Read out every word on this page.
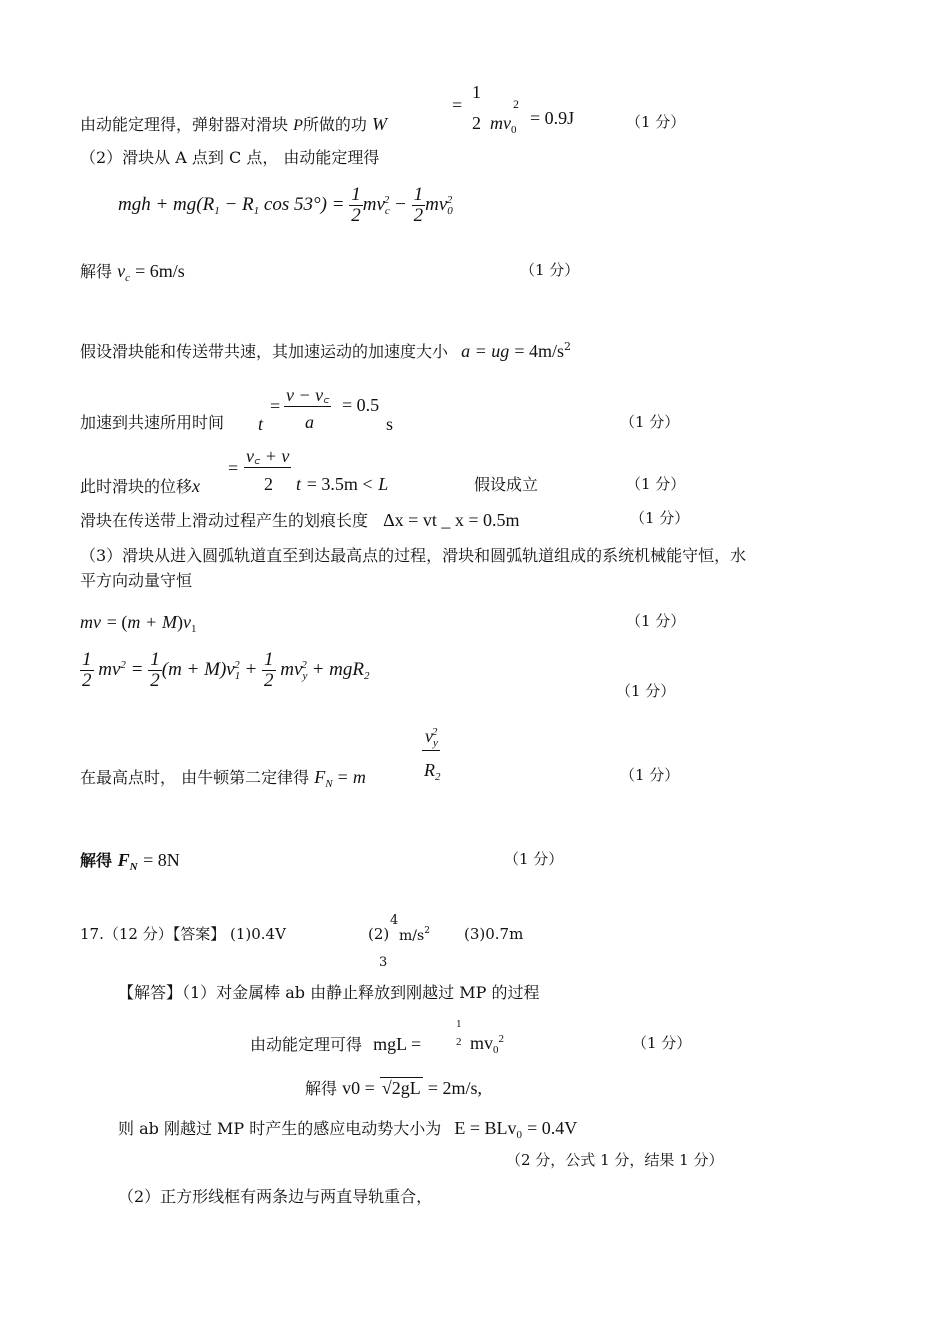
由动能定理得，弹射器对滑块 P所做的功 W
=
1
2 $mv_0$
2
= 0.9J	（1 分）
（2）滑块从 A 点到 C 点， 由动能定理得
mgh + $mg(R_1 - R_1$ $\cos 53^\circ) = \frac{1}{2} mv_c^2 - \frac{1}{2} mv_0^2$
解得 $v_c = 6m/s$	（1 分）
假设滑块能和传送带共速，其加速运动的加速度大小 a = ug = $4m/s^2$
加速到共速所用时间 t
=
v − v꜀
a
= 0.5
s	（1 分）
此时滑块的位移x
=
v꜀ + v
2 t = 3.5m < L	假设成立	（1 分）
滑块在传送带上滑动过程产生的划痕长度 Δx = vt _ x = 0.5m	（1 分）
（3）滑块从进入圆弧轨道直至到达最高点的过程，滑块和圆弧轨道组成的系统机械能守恒，水
平方向动量守恒
mv = $(m + M)v_1$	（1 分）
$\frac{1}{2} mv^2 = \frac{1}{2} (m + M)v_1^2 + \frac{1}{2} mv_y^2 + mgR_2$
（1 分）
在最高点时， 由牛顿第二定律得 $F_N = m$
$v_y^2$
$R_2$	（1 分）
解得 $F_N = 8N$	（1 分）
17.（12 分）【答案】 (1)0.4V	(2)
4
$m/s^2$ (3)0.7m
3
【解答】（1）对金属棒 ab 由静止释放到刚越过 MP 的过程
由动能定理可得 mgL =
1
2 $mv_0^2$	（1 分）
解得 v0 = √2gL = 2m/s,
则 ab 刚越过 MP 时产生的感应电动势大小为 E = BLv$_0$ = 0.4V
（2 分，公式 1 分，结果 1 分）
（2）正方形线框有两条边与两直导轨重合，
